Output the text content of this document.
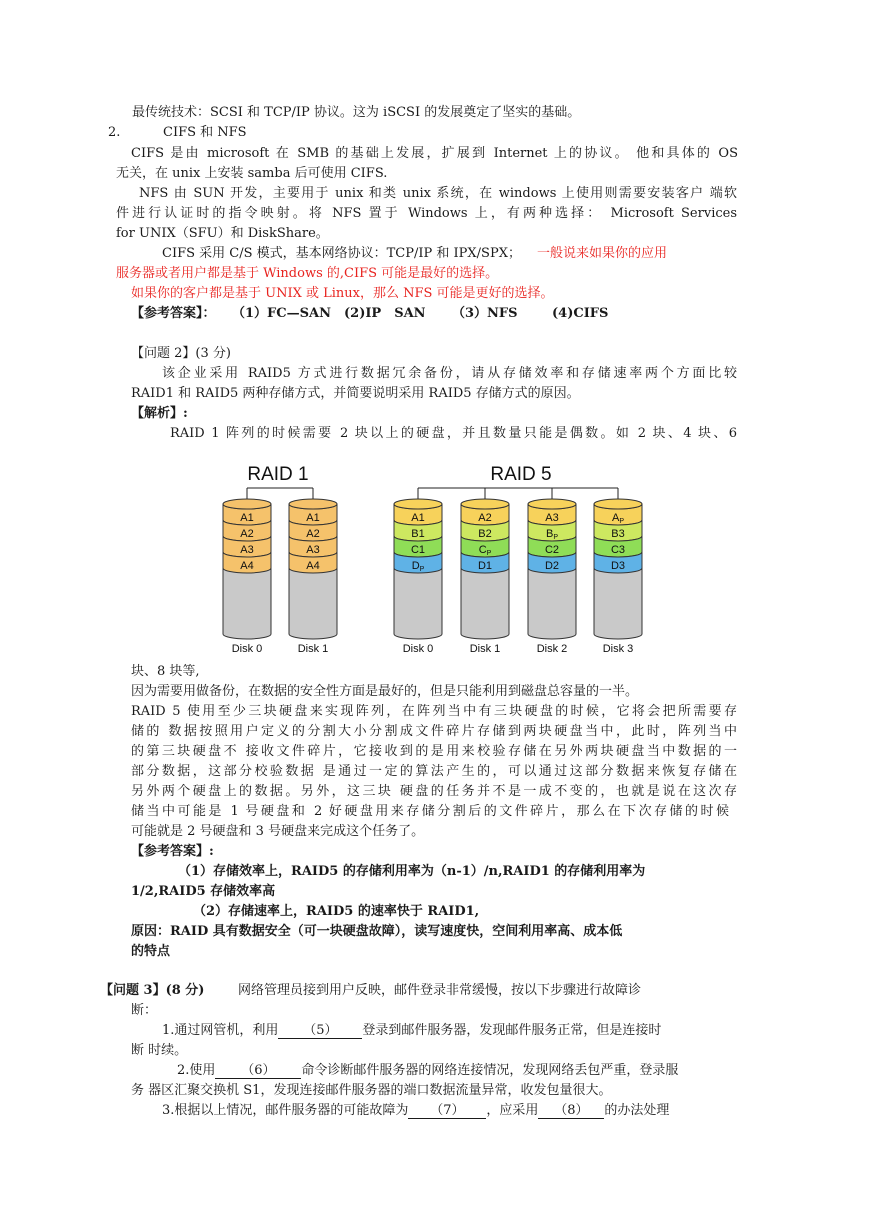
最传统技术：SCSI 和 TCP/IP 协议。这为 iSCSI 的发展奠定了坚实的基础。
2.	CIFS 和 NFS
CIFS 是由 microsoft 在 SMB 的基础上发展，扩展到 Internet 上的协议。 他和具体的 OS
无关，在 unix 上安装 samba 后可使用 CIFS.
NFS 由 SUN 开发，主要用于 unix 和类 unix 系统，在 windows 上使用则需要安装客户 端软
件进行认证时的指令映射。将 NFS 置于 Windows 上，有两种选择： Microsoft Services
for UNIX（SFU）和 DiskShare。
CIFS 采用 C/S 模式，基本网络协议：TCP/IP 和 IPX/SPX； 一般说来如果你的应用
服务器或者用户都是基于 Windows 的,CIFS 可能是最好的选择。
如果你的客户都是基于 UNIX 或 Linux，那么 NFS 可能是更好的选择。
【参考答案】： （1）FC—SAN (2)IP　SAN （3）NFS	(4)CIFS
【问题 2】(3 分)
该企业采用 RAID5 方式进行数据冗余备份，请从存储效率和存储速率两个方面比较
RAID1 和 RAID5 两种存储方式，并简要说明采用 RAID5 存储方式的原因。
【解析】:
RAID 1 阵列的时候需要 2 块以上的硬盘，并且数量只能是偶数。如 2 块、4 块、6
RAID 1	RAID 5
A1
A2
A3
A4
Disk 0
A1
A2
A3
A4
Disk 1
A1
B1
C1
DP
Disk 0
A2
B2
CP
D1
Disk 1
A3
BP
C2
D2
Disk 2
AP
B3
C3
D3
Disk 3
块、8 块等,
因为需要用做备份，在数据的安全性方面是最好的，但是只能利用到磁盘总容量的一半。
RAID 5 使用至少三块硬盘来实现阵列，在阵列当中有三块硬盘的时候，它将会把所需要存
储的 数据按照用户定义的分割大小分割成文件碎片存储到两块硬盘当中，此时，阵列当中
的第三块硬盘不 接收文件碎片，它接收到的是用来校验存储在另外两块硬盘当中数据的一
部分数据，这部分校验数据 是通过一定的算法产生的，可以通过这部分数据来恢复存储在
另外两个硬盘上的数据。另外，这三块 硬盘的任务并不是一成不变的，也就是说在这次存
储当中可能是 1 号硬盘和 2 好硬盘用来存储分割后的文件碎片，那么在下次存储的时候
可能就是 2 号硬盘和 3 号硬盘来完成这个任务了。
【参考答案】:
（1）存储效率上，RAID5 的存储利用率为（n-1）/n,RAID1 的存储利用率为
1/2,RAID5 存储效率高
（2）存储速率上，RAID5 的速率快于 RAID1,
原因：RAID 具有数据安全（可一块硬盘故障），读写速度快，空间利用率高、成本低
的特点
【问题 3】(8 分)	网络管理员接到用户反映，邮件登录非常缓慢，按以下步骤进行故障诊
断：
1.通过网管机，利用 （5） 登录到邮件服务器，发现邮件服务正常，但是连接时
断 时续。
2.使用 （6） 命令诊断邮件服务器的网络连接情况，发现网络丢包严重，登录服
务 器区汇聚交换机 S1，发现连接邮件服务器的端口数据流量异常，收发包量很大。
3.根据以上情况，邮件服务器的可能故障为 （7） ，应采用 （8） 的办法处理
